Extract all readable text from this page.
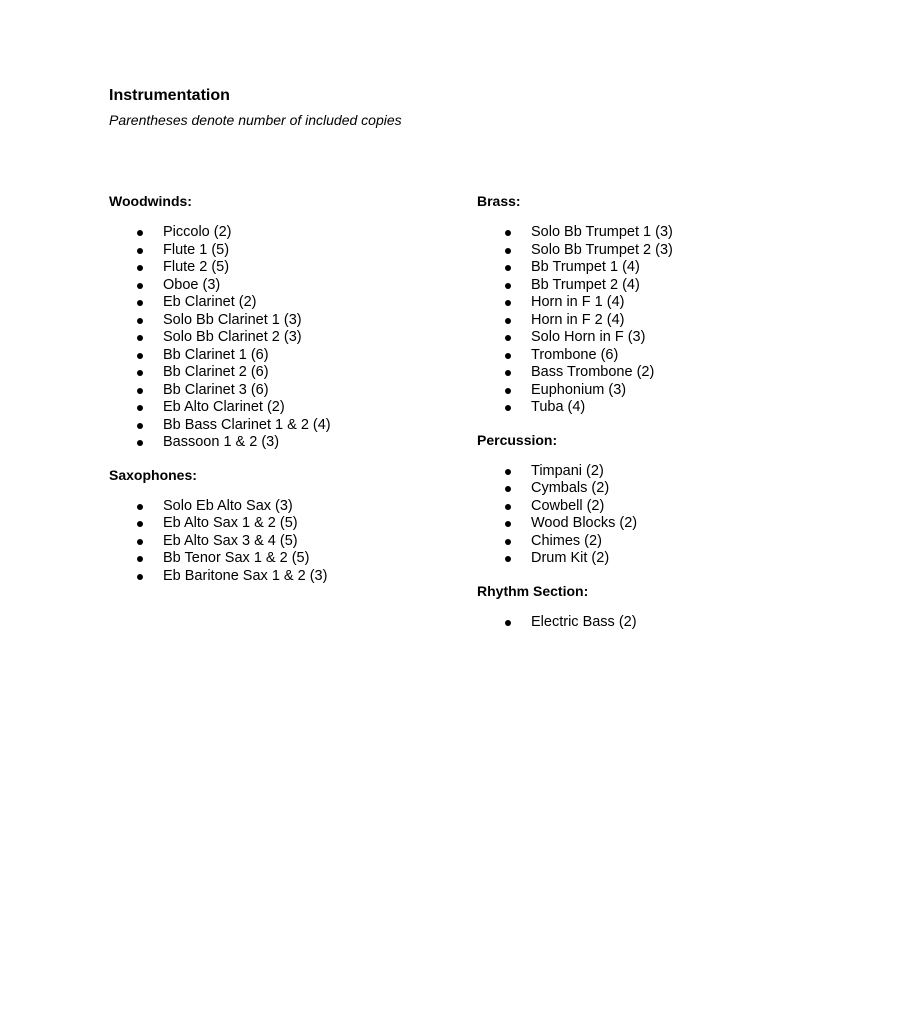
Instrumentation

Parentheses denote number of included copies

Woodwinds:
Piccolo (2)
Flute 1 (5)
Flute 2 (5)
Oboe (3)
Eb Clarinet (2)
Solo Bb Clarinet 1 (3)
Solo Bb Clarinet 2 (3)
Bb Clarinet 1 (6)
Bb Clarinet 2 (6)
Bb Clarinet 3 (6)
Eb Alto Clarinet (2)
Bb Bass Clarinet 1 & 2 (4)
Bassoon 1 & 2 (3)
Saxophones:
Solo Eb Alto Sax (3)
Eb Alto Sax 1 & 2 (5)
Eb Alto Sax 3 & 4 (5)
Bb Tenor Sax 1 & 2 (5)
Eb Baritone Sax 1 & 2 (3)
Brass:
Solo Bb Trumpet 1 (3)
Solo Bb Trumpet 2 (3)
Bb Trumpet 1 (4)
Bb Trumpet 2 (4)
Horn in F 1 (4)
Horn in F 2 (4)
Solo Horn in F (3)
Trombone (6)
Bass Trombone (2)
Euphonium (3)
Tuba (4)
Percussion:
Timpani (2)
Cymbals (2)
Cowbell (2)
Wood Blocks (2)
Chimes (2)
Drum Kit (2)
Rhythm Section:
Electric Bass (2)
